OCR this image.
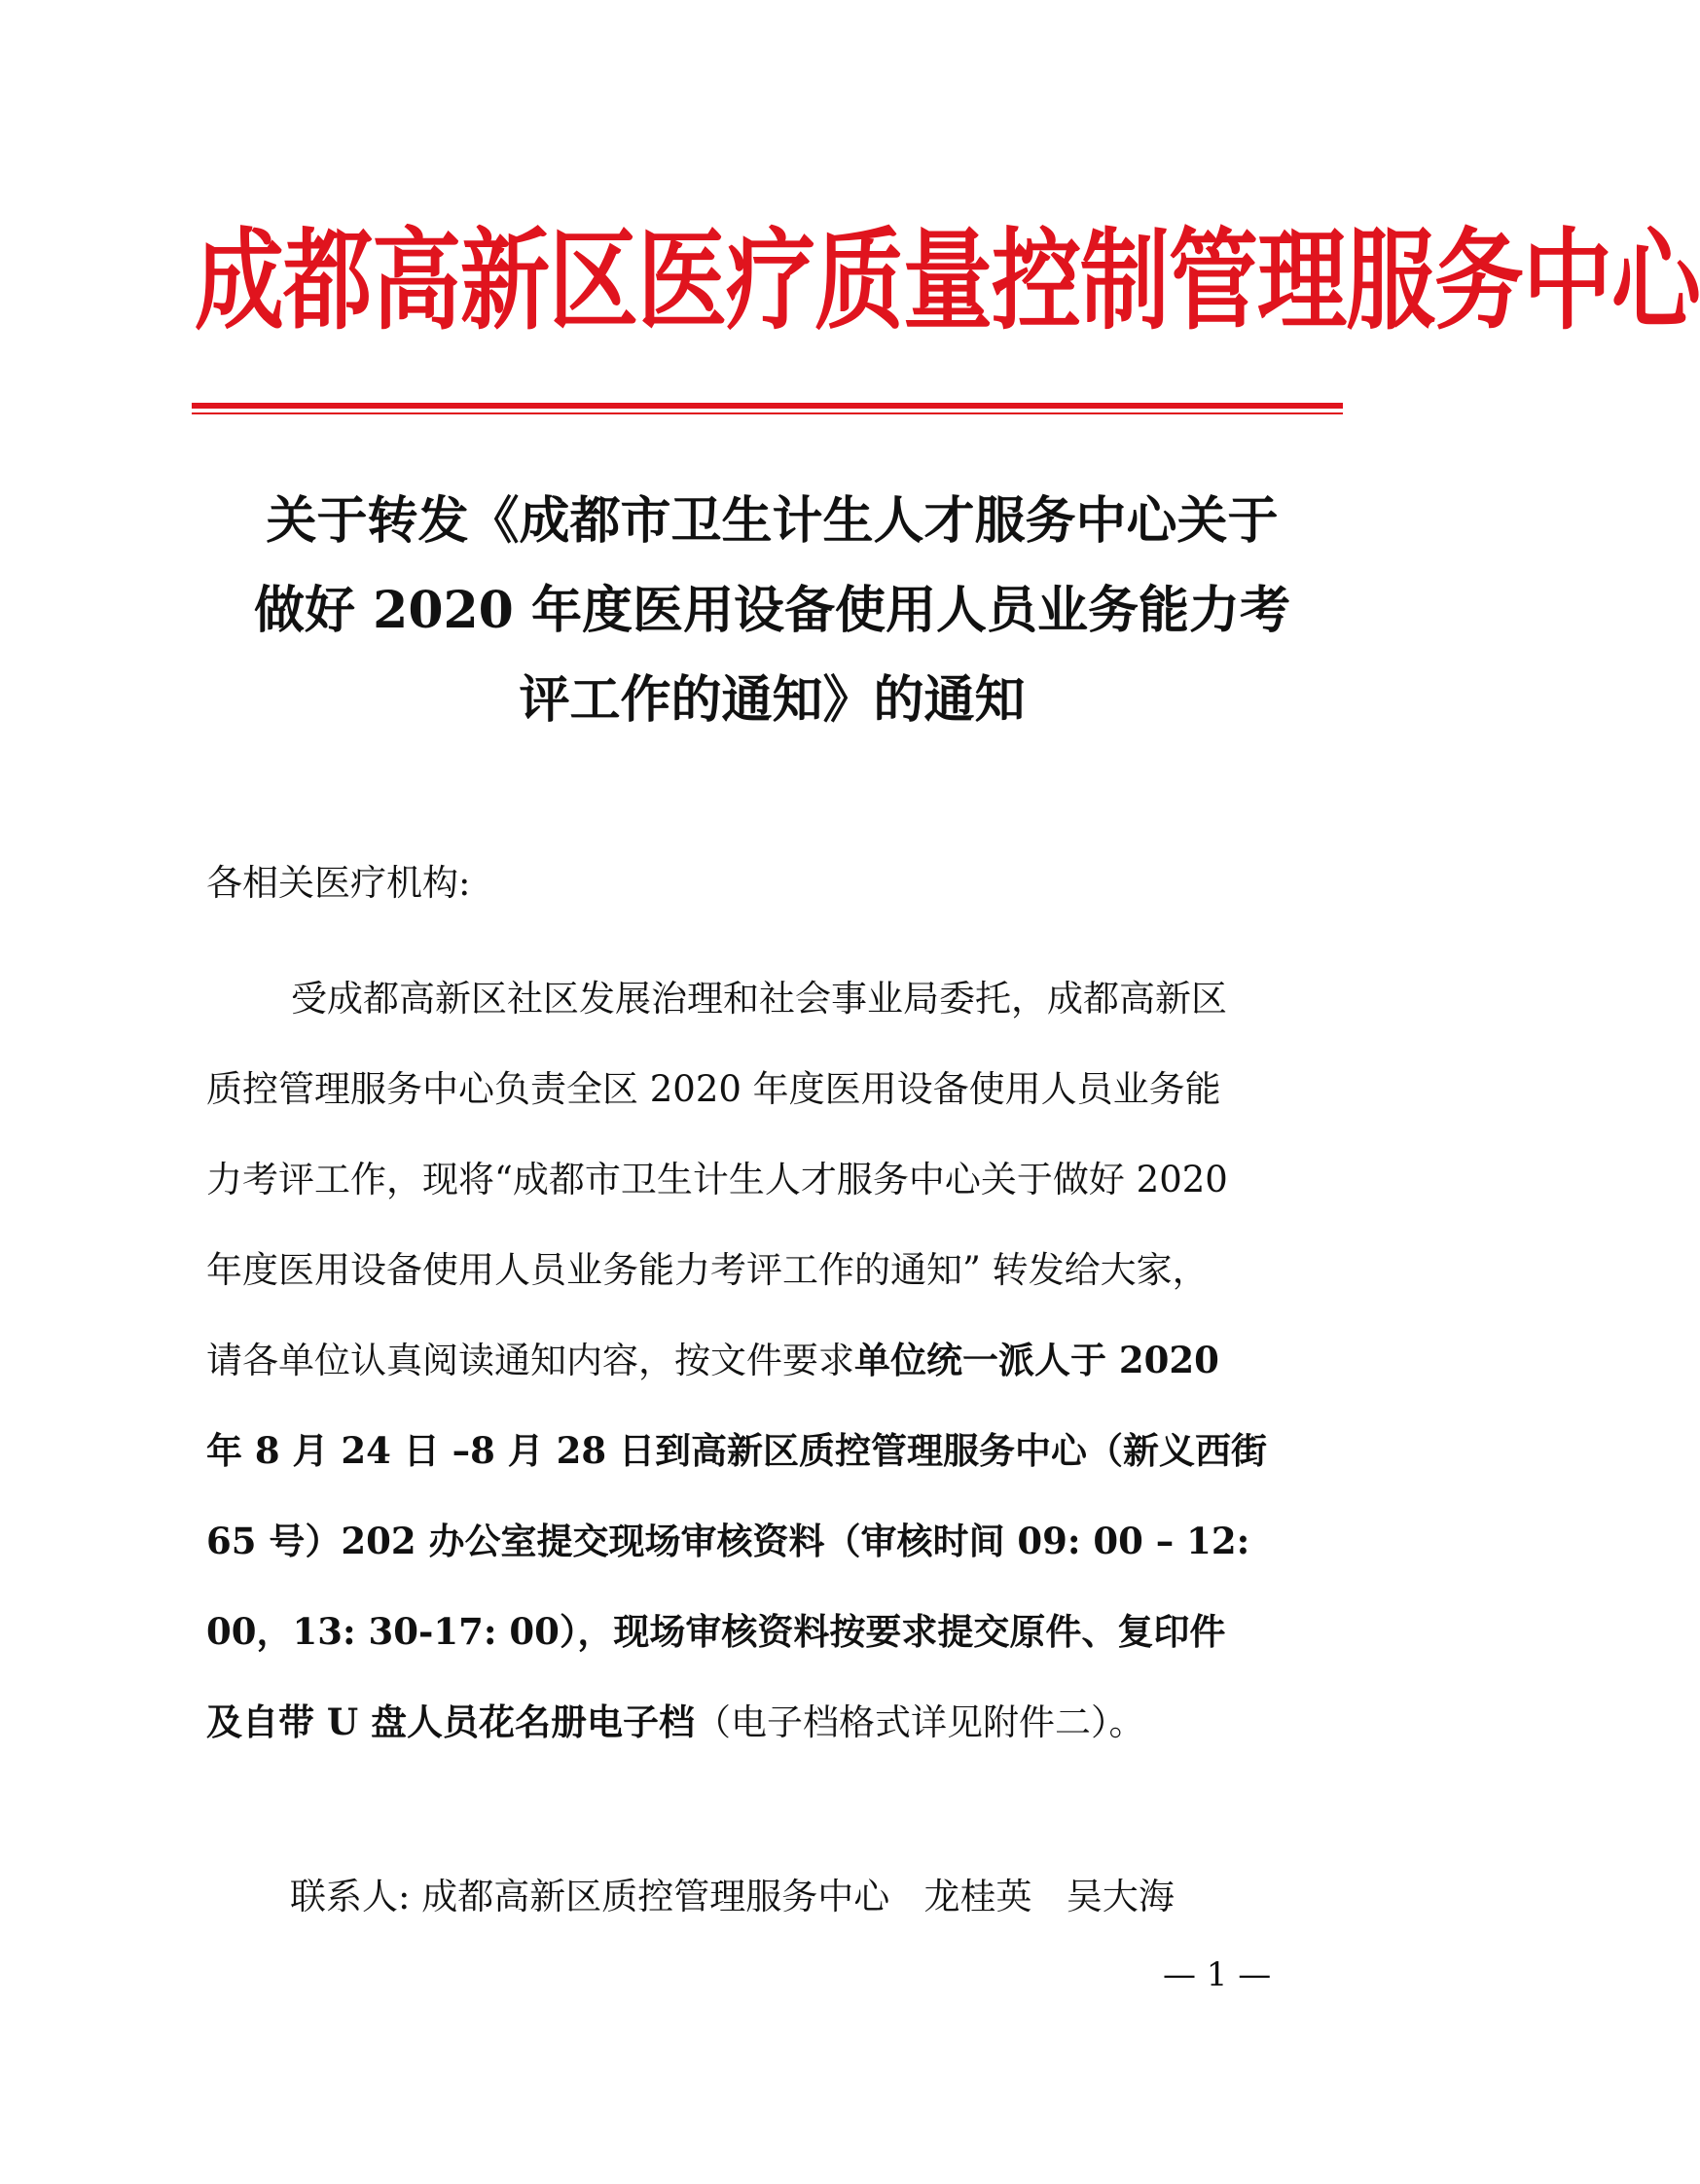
成都高新区医疗质量控制管理服务中心
关于转发《成都市卫生计生人才服务中心关于
做好 2020 年度医用设备使用人员业务能力考
评工作的通知》的通知
各相关医疗机构:
受成都高新区社区发展治理和社会事业局委托，成都高新区
质控管理服务中心负责全区 2020 年度医用设备使用人员业务能
力考评工作，现将“成都市卫生计生人才服务中心关于做好 2020
年度医用设备使用人员业务能力考评工作的通知” 转发给大家，
请各单位认真阅读通知内容，按文件要求单位统一派人于 2020
年 8 月 24 日 –8 月 28 日到高新区质控管理服务中心（新义西街
65 号）202 办公室提交现场审核资料（审核时间 09: 00 – 12:
00，13: 30-17: 00），现场审核资料按要求提交原件、复印件
及自带 U 盘人员花名册电子档（电子档格式详见附件二）。
联系人: 成都高新区质控管理服务中心 龙桂英 吴大海
— 1 —
